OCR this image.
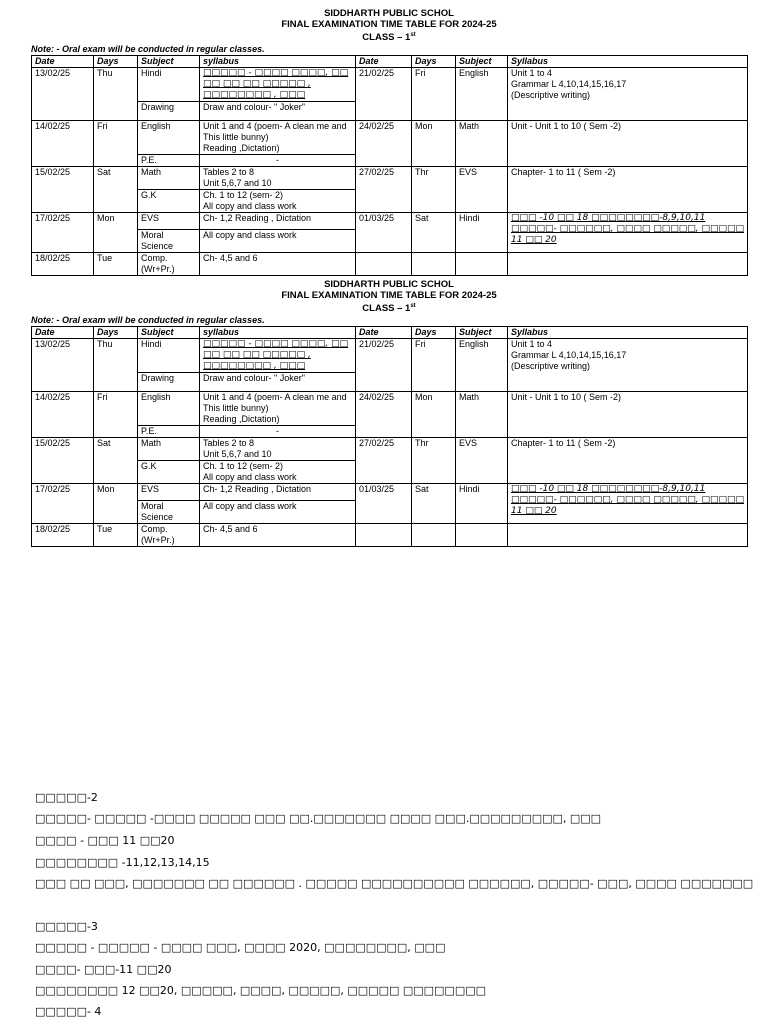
SIDDHARTH PUBLIC SCHOL
FINAL EXAMINATION TIME TABLE FOR 2024-25
CLASS – 1st
Note: - Oral exam will be conducted in regular classes.
Date	Days	Subject	syllabus	Date	Days	Subject	Syllabus
13/02/25	Thu	Hindi	□□□□□ - □□□□ □□□□, □□ □□ □□ □□ □□□□□ , □□□□□□□□ , □□□	21/02/25	Fri	English	Unit 1 to 4
Grammar L 4,10,14,15,16,17
(Descriptive writing)
		Drawing	Draw and colour- " Joker"				
14/02/25	Fri	English	Unit 1 and 4 (poem- A clean me and This little bunny)
Reading ,Dictation)	24/02/25	Mon	Math	Unit - Unit 1 to 10 ( Sem -2)
		P.E.	-				
15/02/25	Sat	Math	Tables 2 to 8
Unit 5,6,7 and 10	27/02/25	Thr	EVS	Chapter- 1 to 11 ( Sem -2)
		G.K	Ch. 1 to 12 (sem- 2)
All copy and class work				
17/02/25	Mon	EVS	Ch- 1,2 Reading , Dictation	01/03/25	Sat	Hindi	□□□ -10 □□ 18 □□□□□□□□-8,9,10,11 □□□□□- □□□□□□, □□□□ □□□□□, □□□□□ 11 □□ 20
		Moral Science	All copy and class work				
18/02/25	Tue	Comp. (Wr+Pr.)	Ch- 4,5 and 6				
SIDDHARTH PUBLIC SCHOL
FINAL EXAMINATION TIME TABLE FOR 2024-25
CLASS – 1st
Note: - Oral exam will be conducted in regular classes.
Date	Days	Subject	syllabus	Date	Days	Subject	Syllabus
13/02/25	Thu	Hindi	□□□□□ - □□□□ □□□□, □□ □□ □□ □□ □□□□□ , □□□□□□□□ , □□□	21/02/25	Fri	English	Unit 1 to 4
Grammar L 4,10,14,15,16,17
(Descriptive writing)
		Drawing	Draw and colour- " Joker"				
14/02/25	Fri	English	Unit 1 and 4 (poem- A clean me and This little bunny)
Reading ,Dictation)	24/02/25	Mon	Math	Unit - Unit 1 to 10 ( Sem -2)
		P.E.	-				
15/02/25	Sat	Math	Tables 2 to 8
Unit 5,6,7 and 10	27/02/25	Thr	EVS	Chapter- 1 to 11 ( Sem -2)
		G.K	Ch. 1 to 12 (sem- 2)
All copy and class work				
17/02/25	Mon	EVS	Ch- 1,2 Reading , Dictation	01/03/25	Sat	Hindi	□□□ -10 □□ 18 □□□□□□□□-8,9,10,11 □□□□□- □□□□□□, □□□□ □□□□□, □□□□□ 11 □□ 20
		Moral Science	All copy and class work				
18/02/25	Tue	Comp. (Wr+Pr.)	Ch- 4,5 and 6				
□□□□□-2
□□□□□- □□□□□ -□□□□ □□□□□ □□□ □□.□□□□□□□ □□□□ □□□.□□□□□□□□□, □□□
□□□□ - □□□ 11 □□20
□□□□□□□□ -11,12,13,14,15
□□□ □□ □□□, □□□□□□□ □□ □□□□□□ . □□□□□ □□□□□□□□□□ □□□□□□, □□□□□- □□□, □□□□ □□□□□□□
□□□□□-3
□□□□□ - □□□□□ - □□□□ □□□, □□□□ 2020, □□□□□□□□, □□□
□□□□- □□□-11 □□20
□□□□□□□□ 12 □□20, □□□□□, □□□□, □□□□□, □□□□□ □□□□□□□□
□□□□□- 4
